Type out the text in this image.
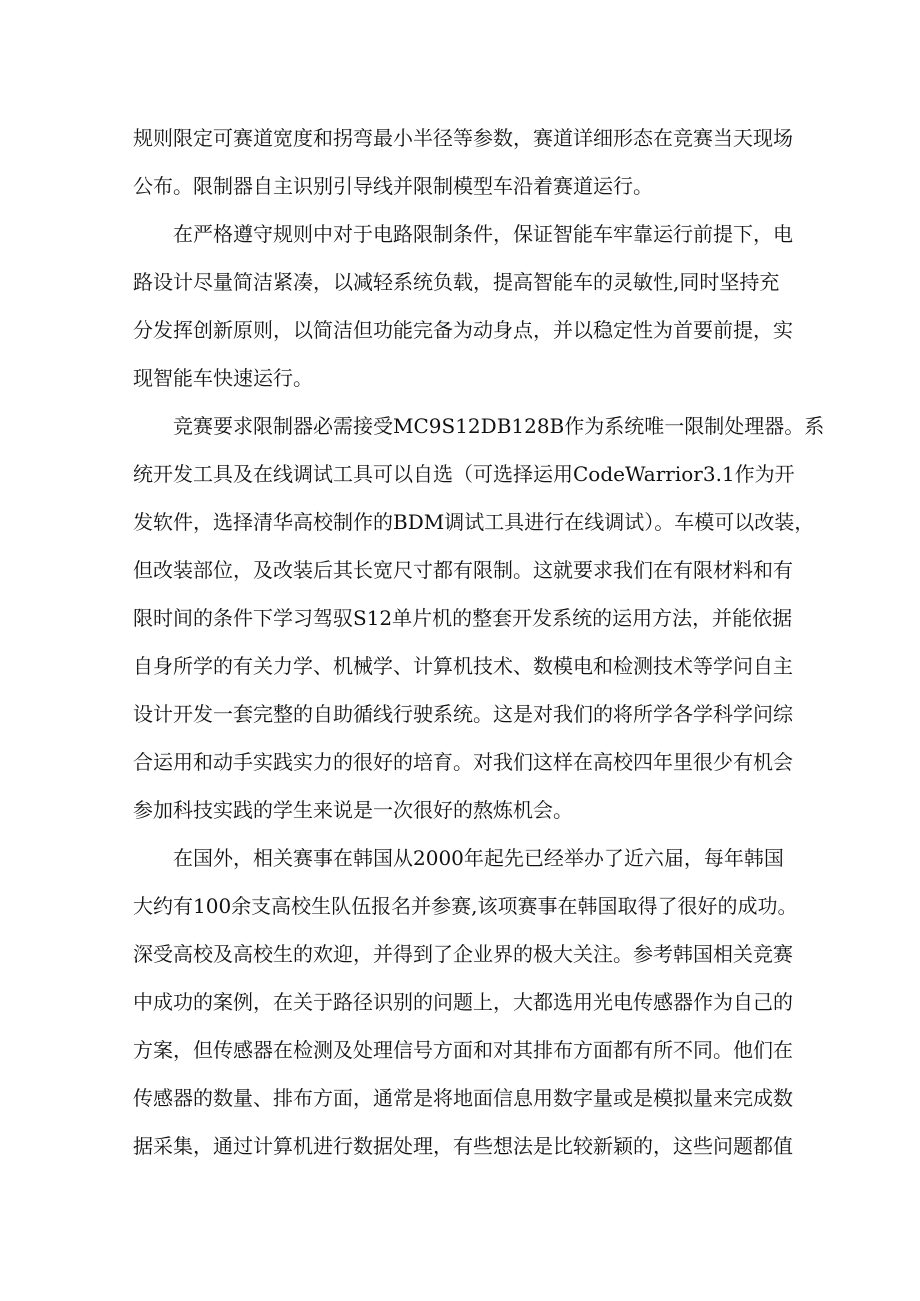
规则限定可赛道宽度和拐弯最小半径等参数，赛道详细形态在竞赛当天现场
公布。限制器自主识别引导线并限制模型车沿着赛道运行。
在严格遵守规则中对于电路限制条件，保证智能车牢靠运行前提下，电
路设计尽量简洁紧凑，以减轻系统负载，提高智能车的灵敏性,同时坚持充
分发挥创新原则，以简洁但功能完备为动身点，并以稳定性为首要前提，实
现智能车快速运行。
竞赛要求限制器必需接受MC9S12DB128B作为系统唯一限制处理器。系
统开发工具及在线调试工具可以自选（可选择运用CodeWarrior3.1作为开
发软件，选择清华高校制作的BDM调试工具进行在线调试）。车模可以改装，
但改装部位，及改装后其长宽尺寸都有限制。这就要求我们在有限材料和有
限时间的条件下学习驾驭S12单片机的整套开发系统的运用方法，并能依据
自身所学的有关力学、机械学、计算机技术、数模电和检测技术等学问自主
设计开发一套完整的自助循线行驶系统。这是对我们的将所学各学科学问综
合运用和动手实践实力的很好的培育。对我们这样在高校四年里很少有机会
参加科技实践的学生来说是一次很好的熬炼机会。
在国外，相关赛事在韩国从2000年起先已经举办了近六届，每年韩国
大约有100余支高校生队伍报名并参赛,该项赛事在韩国取得了很好的成功。
深受高校及高校生的欢迎，并得到了企业界的极大关注。参考韩国相关竞赛
中成功的案例，在关于路径识别的问题上，大都选用光电传感器作为自己的
方案，但传感器在检测及处理信号方面和对其排布方面都有所不同。他们在
传感器的数量、排布方面，通常是将地面信息用数字量或是模拟量来完成数
据采集，通过计算机进行数据处理，有些想法是比较新颖的，这些问题都值
